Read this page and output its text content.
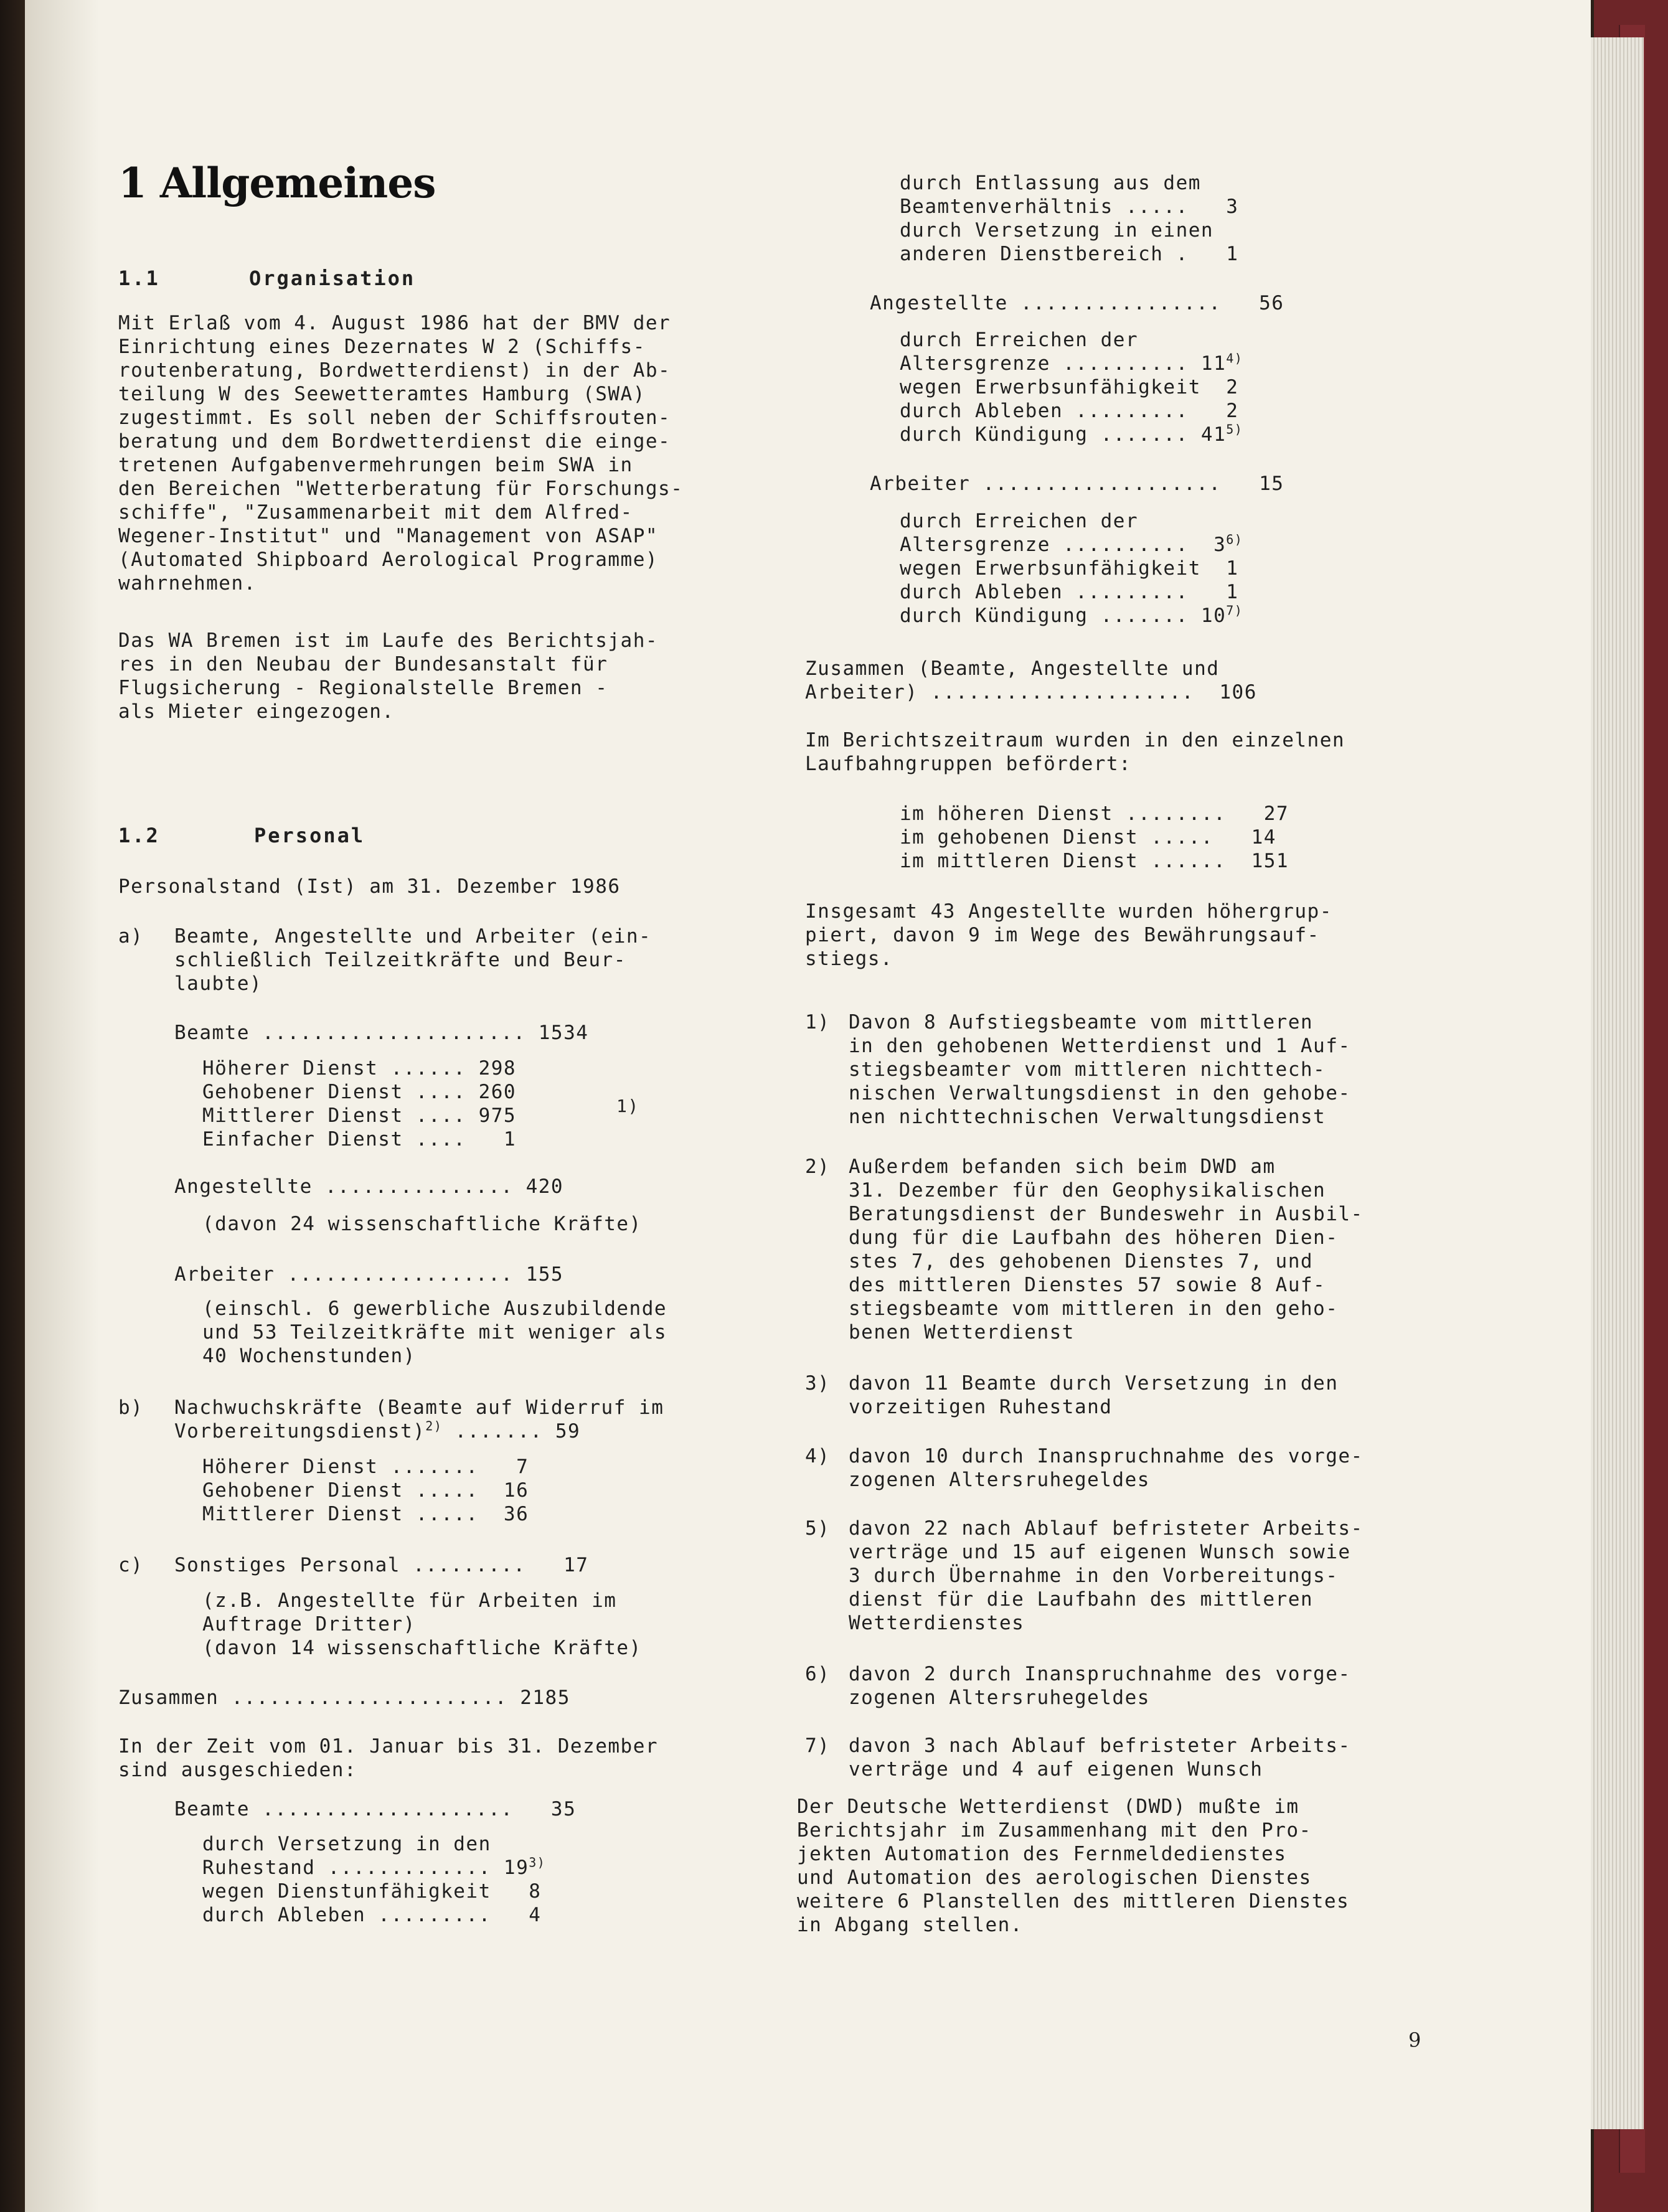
1 Allgemeines
1.1	Organisation
Mit Erlaß vom 4. August 1986 hat der BMV der
Einrichtung eines Dezernates W 2 (Schiffs-
routenberatung, Bordwetterdienst) in der Ab-
teilung W des Seewetteramtes Hamburg (SWA)
zugestimmt. Es soll neben der Schiffsrouten-
beratung und dem Bordwetterdienst die einge-
tretenen Aufgabenvermehrungen beim SWA in
den Bereichen "Wetterberatung für Forschungs-
schiffe", "Zusammenarbeit mit dem Alfred-
Wegener-Institut" und "Management von ASAP"
(Automated Shipboard Aerological Programme)
wahrnehmen.
Das WA Bremen ist im Laufe des Berichtsjah-
res in den Neubau der Bundesanstalt für
Flugsicherung - Regionalstelle Bremen -
als Mieter eingezogen.
1.2	Personal
Personalstand (Ist) am 31. Dezember 1986
a) Beamte, Angestellte und Arbeiter (ein-
schließlich Teilzeitkräfte und Beur-
laubte)
Beamte ..................... 1534
Höherer Dienst ...... 298
Gehobener Dienst .... 260
Mittlerer Dienst .... 975
Einfacher Dienst ....   1
1)
Angestellte ............... 420
(davon 24 wissenschaftliche Kräfte)
Arbeiter .................. 155
(einschl. 6 gewerbliche Auszubildende
und 53 Teilzeitkräfte mit weniger als
40 Wochenstunden)
b) Nachwuchskräfte (Beamte auf Widerruf im
Vorbereitungsdienst)$^{2)}$ ....... 59
Höherer Dienst .......   7
Gehobener Dienst .....  16
Mittlerer Dienst .....  36
c) Sonstiges Personal .........   17
(z.B. Angestellte für Arbeiten im
Auftrage Dritter)
(davon 14 wissenschaftliche Kräfte)
Zusammen ...................... 2185
In der Zeit vom 01. Januar bis 31. Dezember
sind ausgeschieden:
Beamte ....................   35
durch Versetzung in den
Ruhestand ............. 19$^{3)}$
wegen Dienstunfähigkeit   8
durch Ableben .........   4
durch Entlassung aus dem
Beamtenverhältnis .....   3
durch Versetzung in einen
anderen Dienstbereich .   1
Angestellte ................   56
durch Erreichen der
Altersgrenze .......... 11$^{4)}$
wegen Erwerbsunfähigkeit  2
durch Ableben .........   2
durch Kündigung ....... 41$^{5)}$
Arbeiter ...................   15
durch Erreichen der
Altersgrenze ..........  3$^{6)}$
wegen Erwerbsunfähigkeit  1
durch Ableben .........   1
durch Kündigung ....... 10$^{7)}$
Zusammen (Beamte, Angestellte und
Arbeiter) .....................  106
Im Berichtszeitraum wurden in den einzelnen
Laufbahngruppen befördert:
im höheren Dienst ........   27
im gehobenen Dienst .....   14
im mittleren Dienst ......  151
Insgesamt 43 Angestellte wurden höhergrup-
piert, davon 9 im Wege des Bewährungsauf-
stiegs.
1) Davon 8 Aufstiegsbeamte vom mittleren
in den gehobenen Wetterdienst und 1 Auf-
stiegsbeamter vom mittleren nichttech-
nischen Verwaltungsdienst in den gehobe-
nen nichttechnischen Verwaltungsdienst
2) Außerdem befanden sich beim DWD am
31. Dezember für den Geophysikalischen
Beratungsdienst der Bundeswehr in Ausbil-
dung für die Laufbahn des höheren Dien-
stes 7, des gehobenen Dienstes 7, und
des mittleren Dienstes 57 sowie 8 Auf-
stiegsbeamte vom mittleren in den geho-
benen Wetterdienst
3) davon 11 Beamte durch Versetzung in den
vorzeitigen Ruhestand
4) davon 10 durch Inanspruchnahme des vorge-
zogenen Altersruhegeldes
5) davon 22 nach Ablauf befristeter Arbeits-
verträge und 15 auf eigenen Wunsch sowie
3 durch Übernahme in den Vorbereitungs-
dienst für die Laufbahn des mittleren
Wetterdienstes
6) davon 2 durch Inanspruchnahme des vorge-
zogenen Altersruhegeldes
7) davon 3 nach Ablauf befristeter Arbeits-
verträge und 4 auf eigenen Wunsch
Der Deutsche Wetterdienst (DWD) mußte im
Berichtsjahr im Zusammenhang mit den Pro-
jekten Automation des Fernmeldedienstes
und Automation des aerologischen Dienstes
weitere 6 Planstellen des mittleren Dienstes
in Abgang stellen.
9
